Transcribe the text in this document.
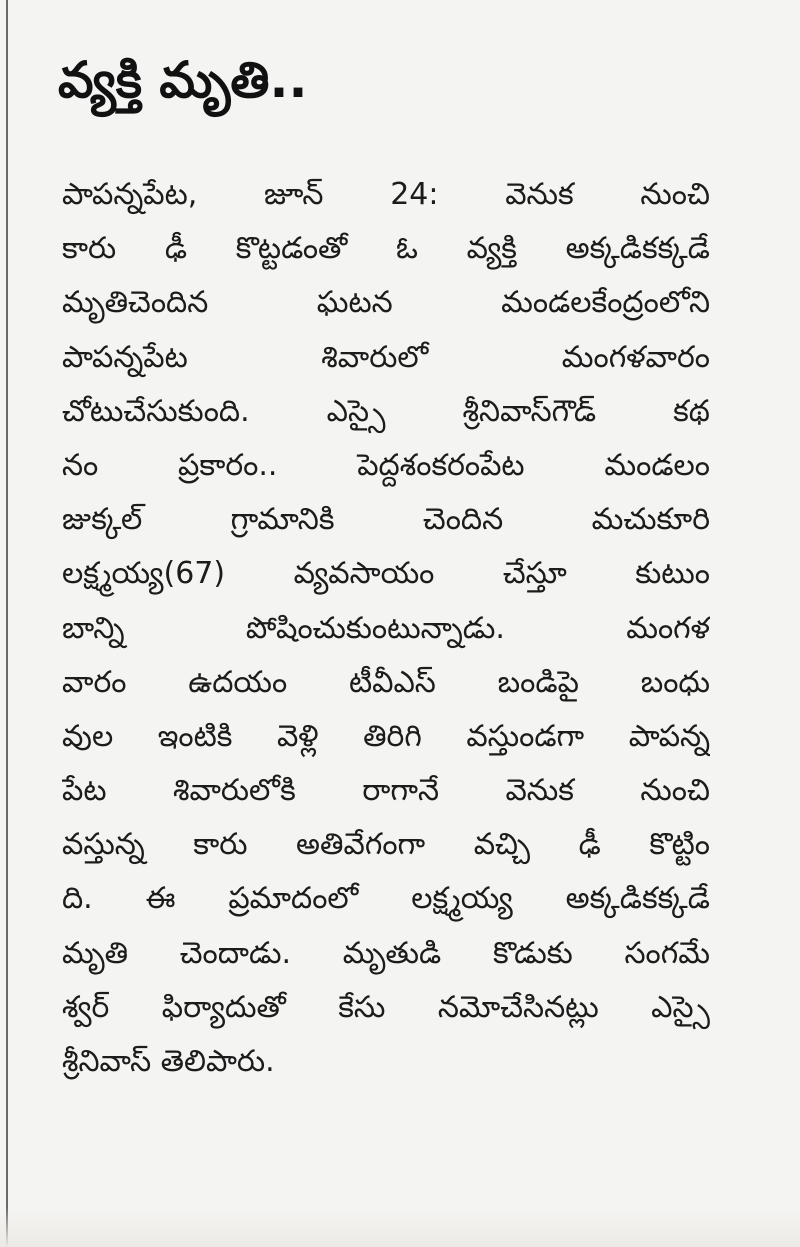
వ్యక్తి మృతి..
పాపన్నపేట, జూన్ 24: వెనుక నుంచి
కారు ఢీ కొట్టడంతో ఓ వ్యక్తి అక్కడికక్కడే
మృతిచెందిన ఘటన మండలకేంద్రంలోని
పాపన్నపేట శివారులో మంగళవారం
చోటుచేసుకుంది. ఎస్సై శ్రీనివాస్‌గౌడ్ కథ
నం ప్రకారం.. పెద్దశంకరంపేట మండలం
జుక్కల్ గ్రామానికి చెందిన మచుకూరి
లక్ష్మయ్య(67) వ్యవసాయం చేస్తూ కుటుం
బాన్ని పోషించుకుంటున్నాడు. మంగళ
వారం ఉదయం టీవీఎస్ బండిపై బంధు
వుల ఇంటికి వెళ్లి తిరిగి వస్తుండగా పాపన్న
పేట శివారులోకి రాగానే వెనుక నుంచి
వస్తున్న కారు అతివేగంగా వచ్చి ఢీ కొట్టిం
ది. ఈ ప్రమాదంలో లక్ష్మయ్య అక్కడికక్కడే
మృతి చెందాడు. మృతుడి కొడుకు సంగమే
శ్వర్ ఫిర్యాదుతో కేసు నమోచేసినట్లు ఎస్సై
శ్రీనివాస్ తెలిపారు.
